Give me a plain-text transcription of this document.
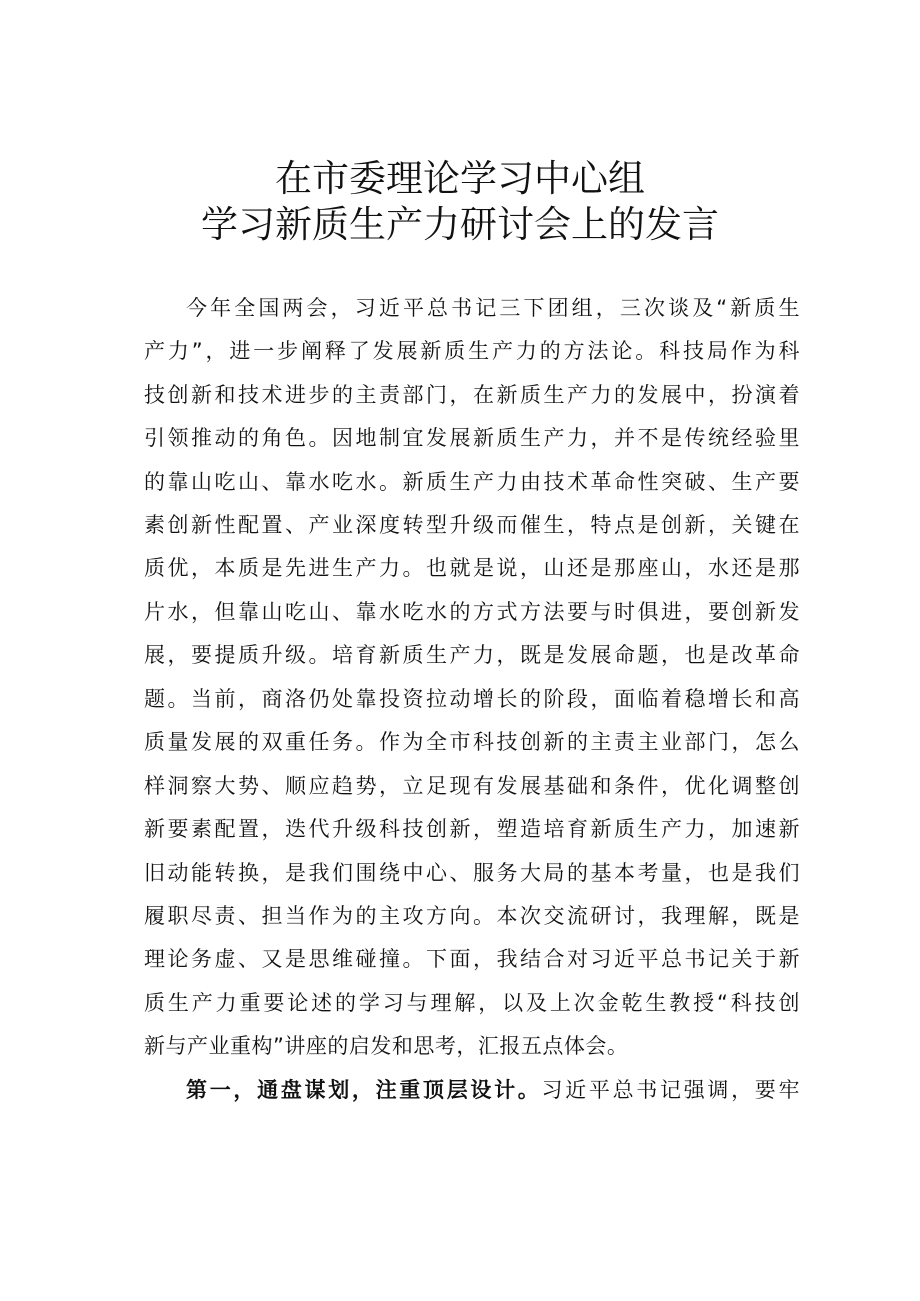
在市委理论学习中心组
学习新质生产力研讨会上的发言
今年全国两会，习近平总书记三下团组，三次谈及“新质生
产力”，进一步阐释了发展新质生产力的方法论。科技局作为科
技创新和技术进步的主责部门，在新质生产力的发展中，扮演着
引领推动的角色。因地制宜发展新质生产力，并不是传统经验里
的靠山吃山、靠水吃水。新质生产力由技术革命性突破、生产要
素创新性配置、产业深度转型升级而催生，特点是创新，关键在
质优，本质是先进生产力。也就是说，山还是那座山，水还是那
片水，但靠山吃山、靠水吃水的方式方法要与时俱进，要创新发
展，要提质升级。培育新质生产力，既是发展命题，也是改革命
题。当前，商洛仍处靠投资拉动增长的阶段，面临着稳增长和高
质量发展的双重任务。作为全市科技创新的主责主业部门，怎么
样洞察大势、顺应趋势，立足现有发展基础和条件，优化调整创
新要素配置，迭代升级科技创新，塑造培育新质生产力，加速新
旧动能转换，是我们围绕中心、服务大局的基本考量，也是我们
履职尽责、担当作为的主攻方向。本次交流研讨，我理解，既是
理论务虚、又是思维碰撞。下面，我结合对习近平总书记关于新
质生产力重要论述的学习与理解，以及上次金乾生教授“科技创
新与产业重构”讲座的启发和思考，汇报五点体会。
第一，通盘谋划，注重顶层设计。习近平总书记强调，要牢
